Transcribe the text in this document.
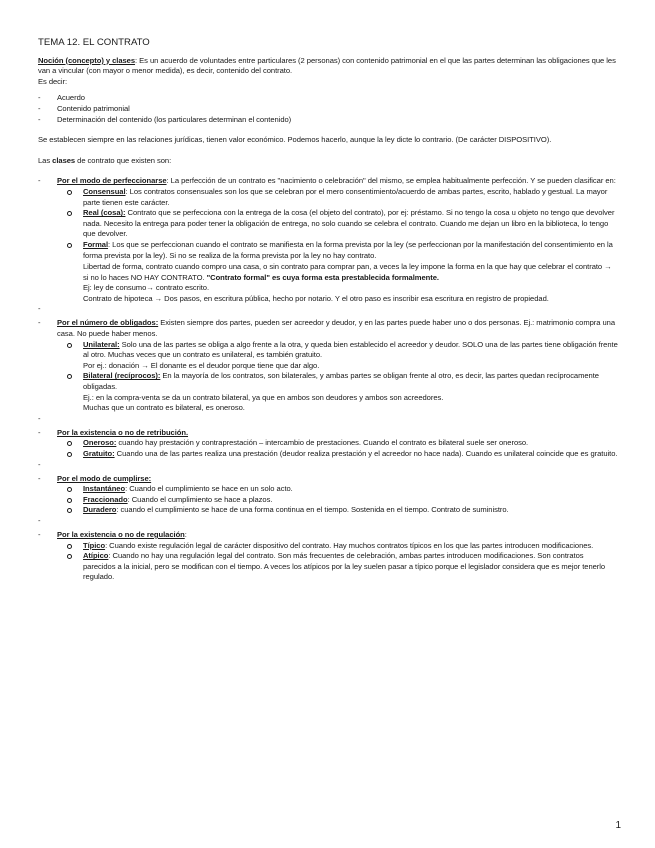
TEMA 12. EL CONTRATO

Noción (concepto) y clases: Es un acuerdo de voluntades entre particulares (2 personas) con contenido patrimonial en el que las partes determinan las obligaciones que les van a vincular (con mayor o menor medida), es decir, contenido del contrato.

Es decir:

- Acuerdo
- Contenido patrimonial
- Determinación del contenido (los particulares determinan el contenido)

Se establecen siempre en las relaciones jurídicas, tienen valor económico. Podemos hacerlo, aunque la ley dicte lo contrario. (De carácter DISPOSITIVO).

Las clases de contrato que existen son:

- Por el modo de perfeccionarse: La perfección de un contrato es "nacimiento o celebración" del mismo, se emplea habitualmente perfección. Y se pueden clasificar en:
Consensual: Los contratos consensuales son los que se celebran por el mero consentimiento/acuerdo de ambas partes, escrito, hablado y gestual. La mayor parte tienen este carácter.
Real (cosa): Contrato que se perfecciona con la entrega de la cosa (el objeto del contrato), por ej: préstamo. Si no tengo la cosa u objeto no tengo que devolver nada. Necesito la entrega para poder tener la obligación de entrega, no solo cuando se celebra el contrato. Cuando me dejan un libro en la biblioteca, lo tengo que devolver.
Formal: Los que se perfeccionan cuando el contrato se manifiesta en la forma prevista por la ley (se perfeccionan por la manifestación del consentimiento en la forma prevista por la ley). Si no se realiza de la forma prevista por la ley no hay contrato.

Libertad de forma, contrato cuando compro una casa, o sin contrato para comprar pan, a veces la ley impone la forma en la que hay que celebrar el contrato → si no lo haces NO HAY CONTRATO. "Contrato formal" es cuya forma esta prestablecida formalmente.

Ej: ley de consumo→ contrato escrito.

Contrato de hipoteca → Dos pasos, en escritura pública, hecho por notario. Y el otro paso es inscribir esa escritura en registro de propiedad.

-
- Por el número de obligados: Existen siempre dos partes, pueden ser acreedor y deudor, y en las partes puede haber uno o dos personas. Ej.: matrimonio compra una casa. No puede haber menos.
Unilateral: Solo una de las partes se obliga a algo frente a la otra, y queda bien establecido el acreedor y deudor. SOLO una de las partes tiene obligación frente al otro. Muchas veces que un contrato es unilateral, es también gratuito.

Por ej.: donación → El donante es el deudor porque tiene que dar algo.

Bilateral (recíprocos): En la mayoría de los contratos, son bilaterales, y ambas partes se obligan frente al otro, es decir, las partes quedan recíprocamente obligadas.

Ej.: en la compra-venta se da un contrato bilateral, ya que en ambos son deudores y ambos son acreedores.

Muchas que un contrato es bilateral, es oneroso.

-
- Por la existencia o no de retribución.
Oneroso: cuando hay prestación y contraprestación – intercambio de prestaciones. Cuando el contrato es bilateral suele ser oneroso.
Gratuito: Cuando una de las partes realiza una prestación (deudor realiza prestación y el acreedor no hace nada). Cuando es unilateral coincide que es gratuito.
-
- Por el modo de cumplirse:
Instantáneo: Cuando el cumplimiento se hace en un solo acto.
Fraccionado: Cuando el cumplimiento se hace a plazos.
Duradero: cuando el cumplimiento se hace de una forma continua en el tiempo. Sostenida en el tiempo. Contrato de suministro.
-
- Por la existencia o no de regulación:
Típico: Cuando existe regulación legal de carácter dispositivo del contrato. Hay muchos contratos típicos en los que las partes introducen modificaciones.
Atípico: Cuando no hay una regulación legal del contrato. Son más frecuentes de celebración, ambas partes introducen modificaciones. Son contratos parecidos a la inicial, pero se modifican con el tiempo. A veces los atípicos por la ley suelen pasar a típico porque el legislador considera que es mejor tenerlo regulado.
1
